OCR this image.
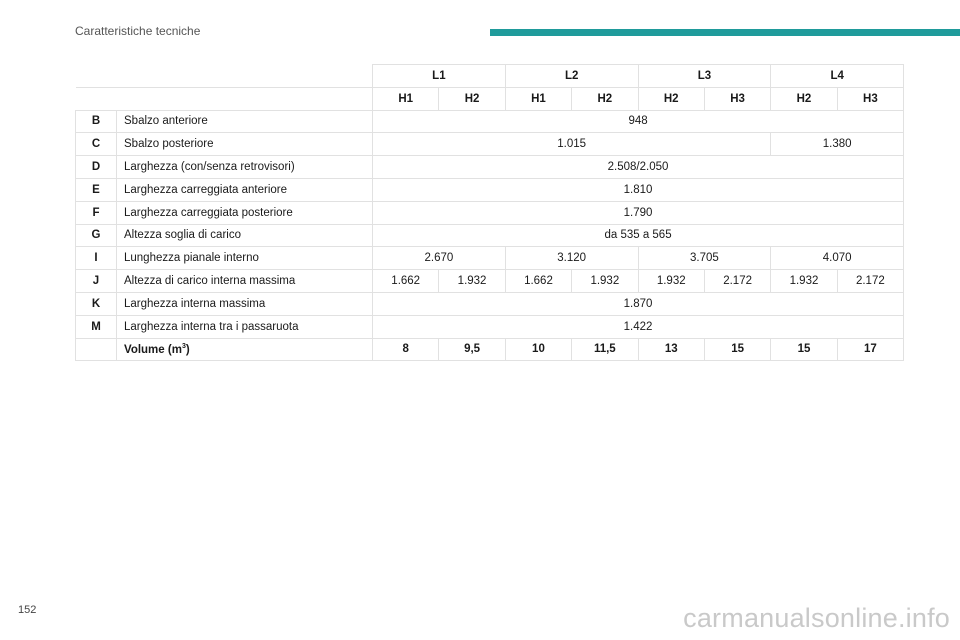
Caratteristiche tecniche
		L1		L2		L3		L4	
		H1	H2	H1	H2	H2	H3	H2	H3
B	Sbalzo anteriore	948							
C	Sbalzo posteriore	1.015						1.380	
D	Larghezza (con/senza retrovisori)	2.508/2.050							
E	Larghezza carreggiata anteriore	1.810							
F	Larghezza carreggiata posteriore	1.790							
G	Altezza soglia di carico	da 535 a 565							
I	Lunghezza pianale interno	2.670		3.120		3.705		4.070	
J	Altezza di carico interna massima	1.662	1.932	1.662	1.932	1.932	2.172	1.932	2.172
K	Larghezza interna massima	1.870							
M	Larghezza interna tra i passaruota	1.422							
	Volume $(m^3)$	8	9,5	10	11,5	13	15	15	17
152	carmanualsonline.info
